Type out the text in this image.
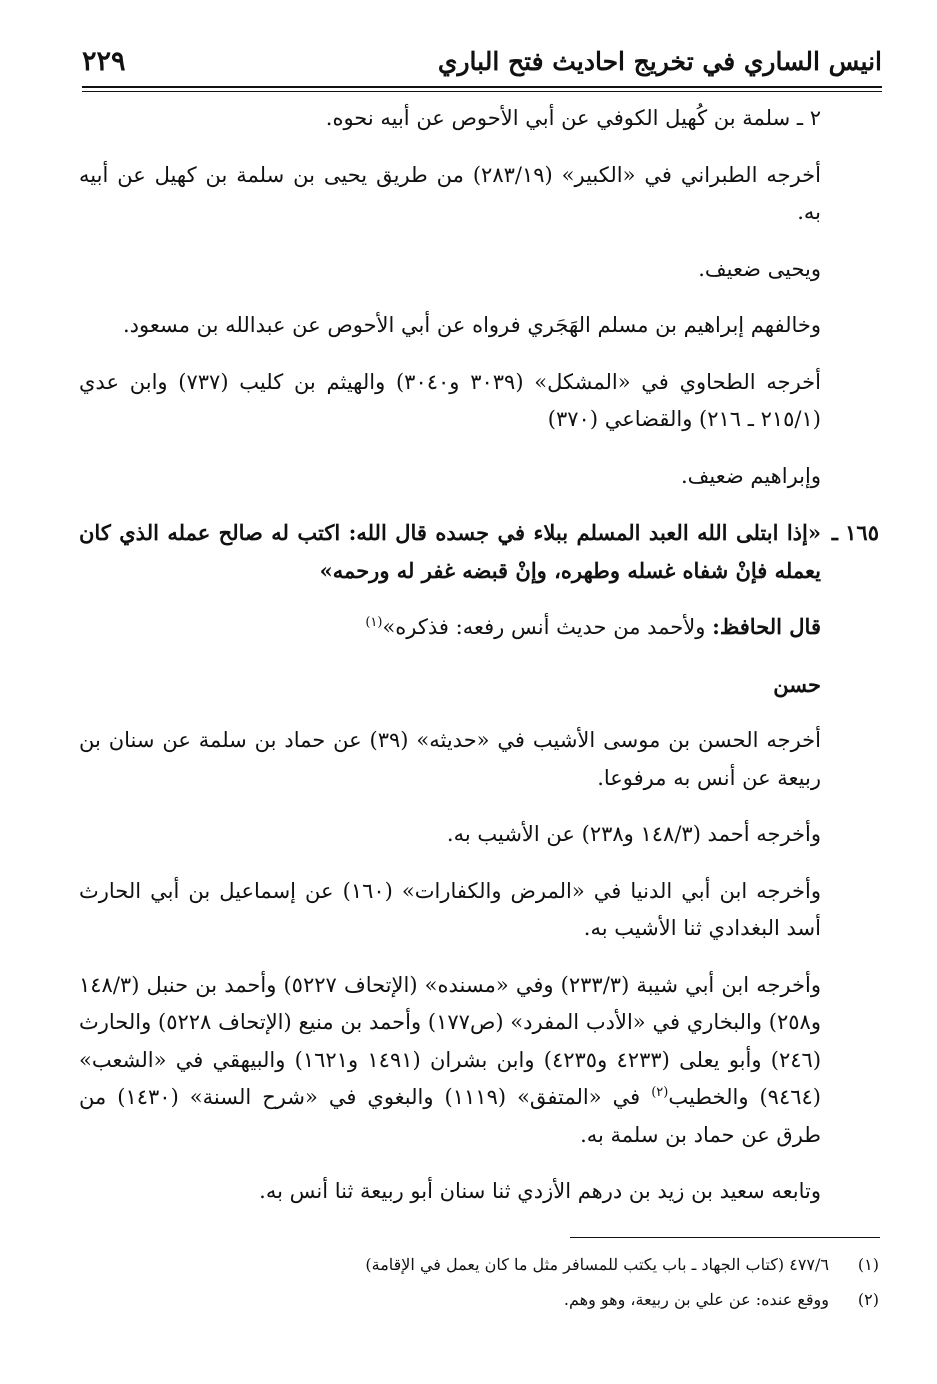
انيس الساري في تخريج احاديث فتح الباري
٢٢٩

٢ ـ سلمة بن كُهيل الكوفي عن أبي الأحوص عن أبيه نحوه.

أخرجه الطبراني في «الكبير» (٢٨٣/١٩) من طريق يحيى بن سلمة بن كهيل عن أبيه به.

ويحيى ضعيف.

وخالفهم إبراهيم بن مسلم الهَجَري فرواه عن أبي الأحوص عن عبدالله بن مسعود.

أخرجه الطحاوي في «المشكل» (٣٠٣٩ و٣٠٤٠) والهيثم بن كليب (٧٣٧) وابن عدي (٢١٥/١ ـ ٢١٦) والقضاعي (٣٧٠)

وإبراهيم ضعيف.

١٦٥ ـ
«إذا ابتلى الله العبد المسلم ببلاء في جسده قال الله: اكتب له صالح عمله الذي كان يعمله فإنْ شفاه غسله وطهره، وإنْ قبضه غفر له ورحمه»

قال الحافظ: ولأحمد من حديث أنس رفعه: فذكره»$^{(١)}$

حسن

أخرجه الحسن بن موسى الأشيب في «حديثه» (٣٩) عن حماد بن سلمة عن سنان بن ربيعة عن أنس به مرفوعا.

وأخرجه أحمد (١٤٨/٣ و٢٣٨) عن الأشيب به.

وأخرجه ابن أبي الدنيا في «المرض والكفارات» (١٦٠) عن إسماعيل بن أبي الحارث أسد البغدادي ثنا الأشيب به.

وأخرجه ابن أبي شيبة (٢٣٣/٣) وفي «مسنده» (الإتحاف ٥٢٢٧) وأحمد بن حنبل (١٤٨/٣ و٢٥٨) والبخاري في «الأدب المفرد» (ص١٧٧) وأحمد بن منيع (الإتحاف ٥٢٢٨) والحارث (٢٤٦) وأبو يعلى (٤٢٣٣ و٤٢٣٥) وابن بشران (١٤٩١ و١٦٢١) والبيهقي في «الشعب» (٩٤٦٤) والخطيب$^{(٢)}$ في «المتفق» (١١١٩) والبغوي في «شرح السنة» (١٤٣٠) من طرق عن حماد بن سلمة به.

وتابعه سعيد بن زيد بن درهم الأزدي ثنا سنان أبو ربيعة ثنا أنس به.

(١)
٤٧٧/٦ (كتاب الجهاد ـ باب يكتب للمسافر مثل ما كان يعمل في الإقامة)
(٢)
ووقع عنده: عن علي بن ربيعة، وهو وهم.
